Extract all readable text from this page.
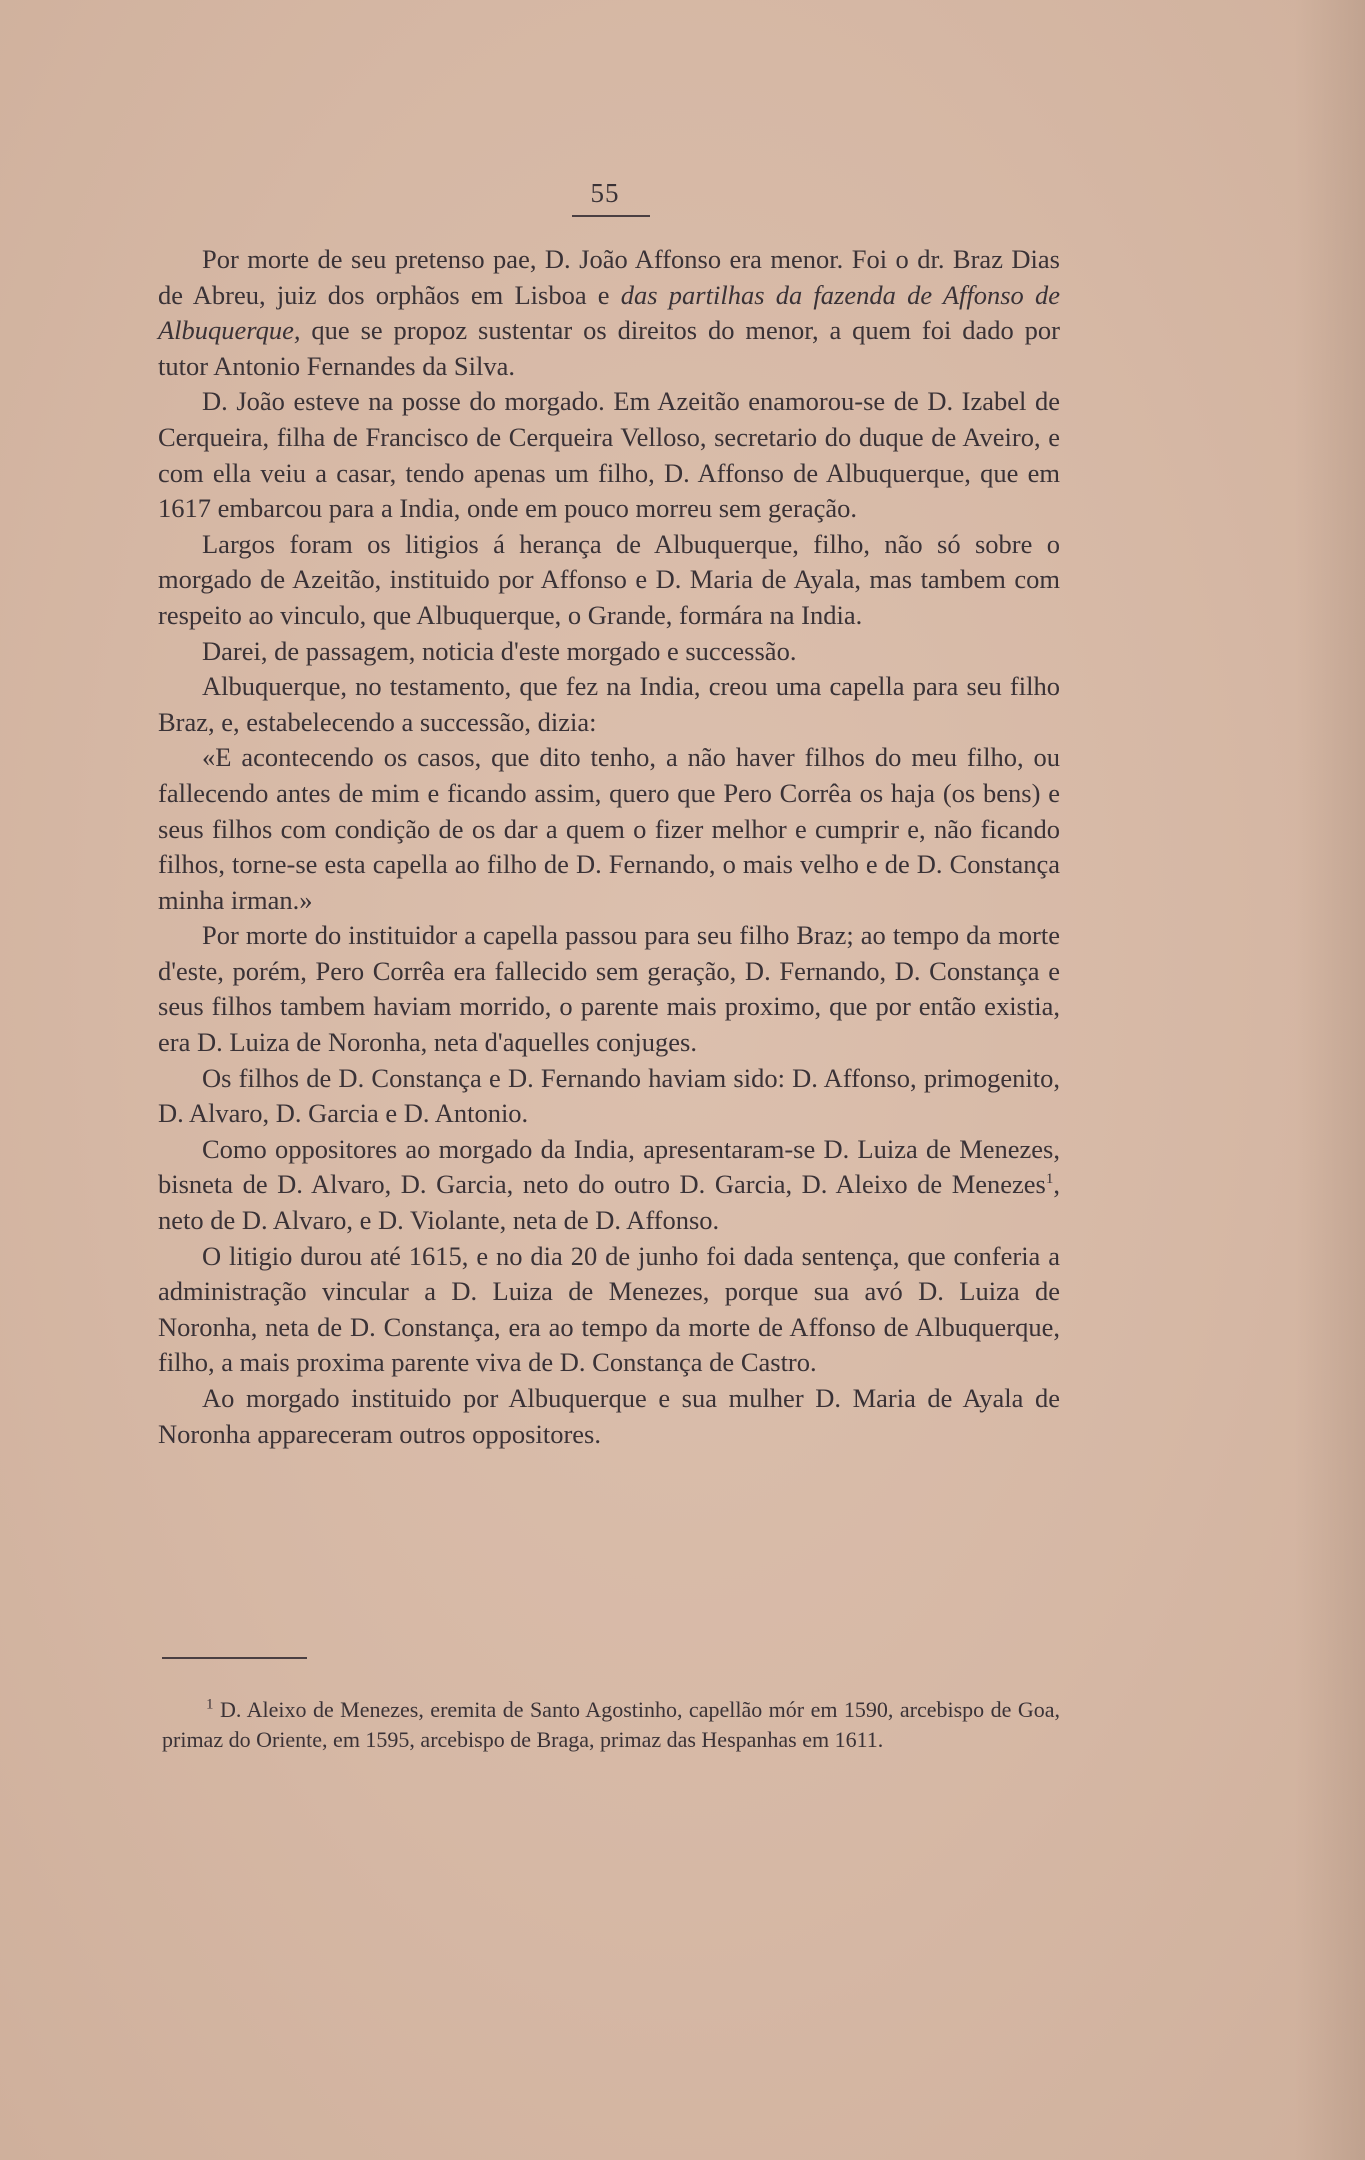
55

Por morte de seu pretenso pae, D. João Affonso era menor. Foi o dr. Braz Dias de Abreu, juiz dos orphãos em Lisboa e das partilhas da fazenda de Affonso de Albuquerque, que se propoz sustentar os direitos do menor, a quem foi dado por tutor Antonio Fernandes da Silva.

D. João esteve na posse do morgado. Em Azeitão enamorou-se de D. Izabel de Cerqueira, filha de Francisco de Cerqueira Velloso, secretario do duque de Aveiro, e com ella veiu a casar, tendo apenas um filho, D. Affonso de Albuquerque, que em 1617 embarcou para a India, onde em pouco morreu sem geração.

Largos foram os litigios á herança de Albuquerque, filho, não só sobre o morgado de Azeitão, instituido por Affonso e D. Maria de Ayala, mas tambem com respeito ao vinculo, que Albuquerque, o Grande, formára na India.

Darei, de passagem, noticia d'este morgado e successão.

Albuquerque, no testamento, que fez na India, creou uma capella para seu filho Braz, e, estabelecendo a successão, dizia:

«E acontecendo os casos, que dito tenho, a não haver filhos do meu filho, ou fallecendo antes de mim e ficando assim, quero que Pero Corrêa os haja (os bens) e seus filhos com condição de os dar a quem o fizer melhor e cumprir e, não ficando filhos, torne-se esta capella ao filho de D. Fernando, o mais velho e de D. Constança minha irman.»

Por morte do instituidor a capella passou para seu filho Braz; ao tempo da morte d'este, porém, Pero Corrêa era fallecido sem geração, D. Fernando, D. Constança e seus filhos tambem haviam morrido, o parente mais proximo, que por então existia, era D. Luiza de Noronha, neta d'aquelles conjuges.

Os filhos de D. Constança e D. Fernando haviam sido: D. Affonso, primogenito, D. Alvaro, D. Garcia e D. Antonio.

Como oppositores ao morgado da India, apresentaram-se D. Luiza de Menezes, bisneta de D. Alvaro, D. Garcia, neto do outro D. Garcia, D. Aleixo de Menezes$^1$, neto de D. Alvaro, e D. Violante, neta de D. Affonso.

O litigio durou até 1615, e no dia 20 de junho foi dada sentença, que conferia a administração vincular a D. Luiza de Menezes, porque sua avó D. Luiza de Noronha, neta de D. Constança, era ao tempo da morte de Affonso de Albuquerque, filho, a mais proxima parente viva de D. Constança de Castro.

Ao morgado instituido por Albuquerque e sua mulher D. Maria de Ayala de Noronha appareceram outros oppositores.

$^1$ D. Aleixo de Menezes, eremita de Santo Agostinho, capellão mór em 1590, arcebispo de Goa, primaz do Oriente, em 1595, arcebispo de Braga, primaz das Hespanhas em 1611.
